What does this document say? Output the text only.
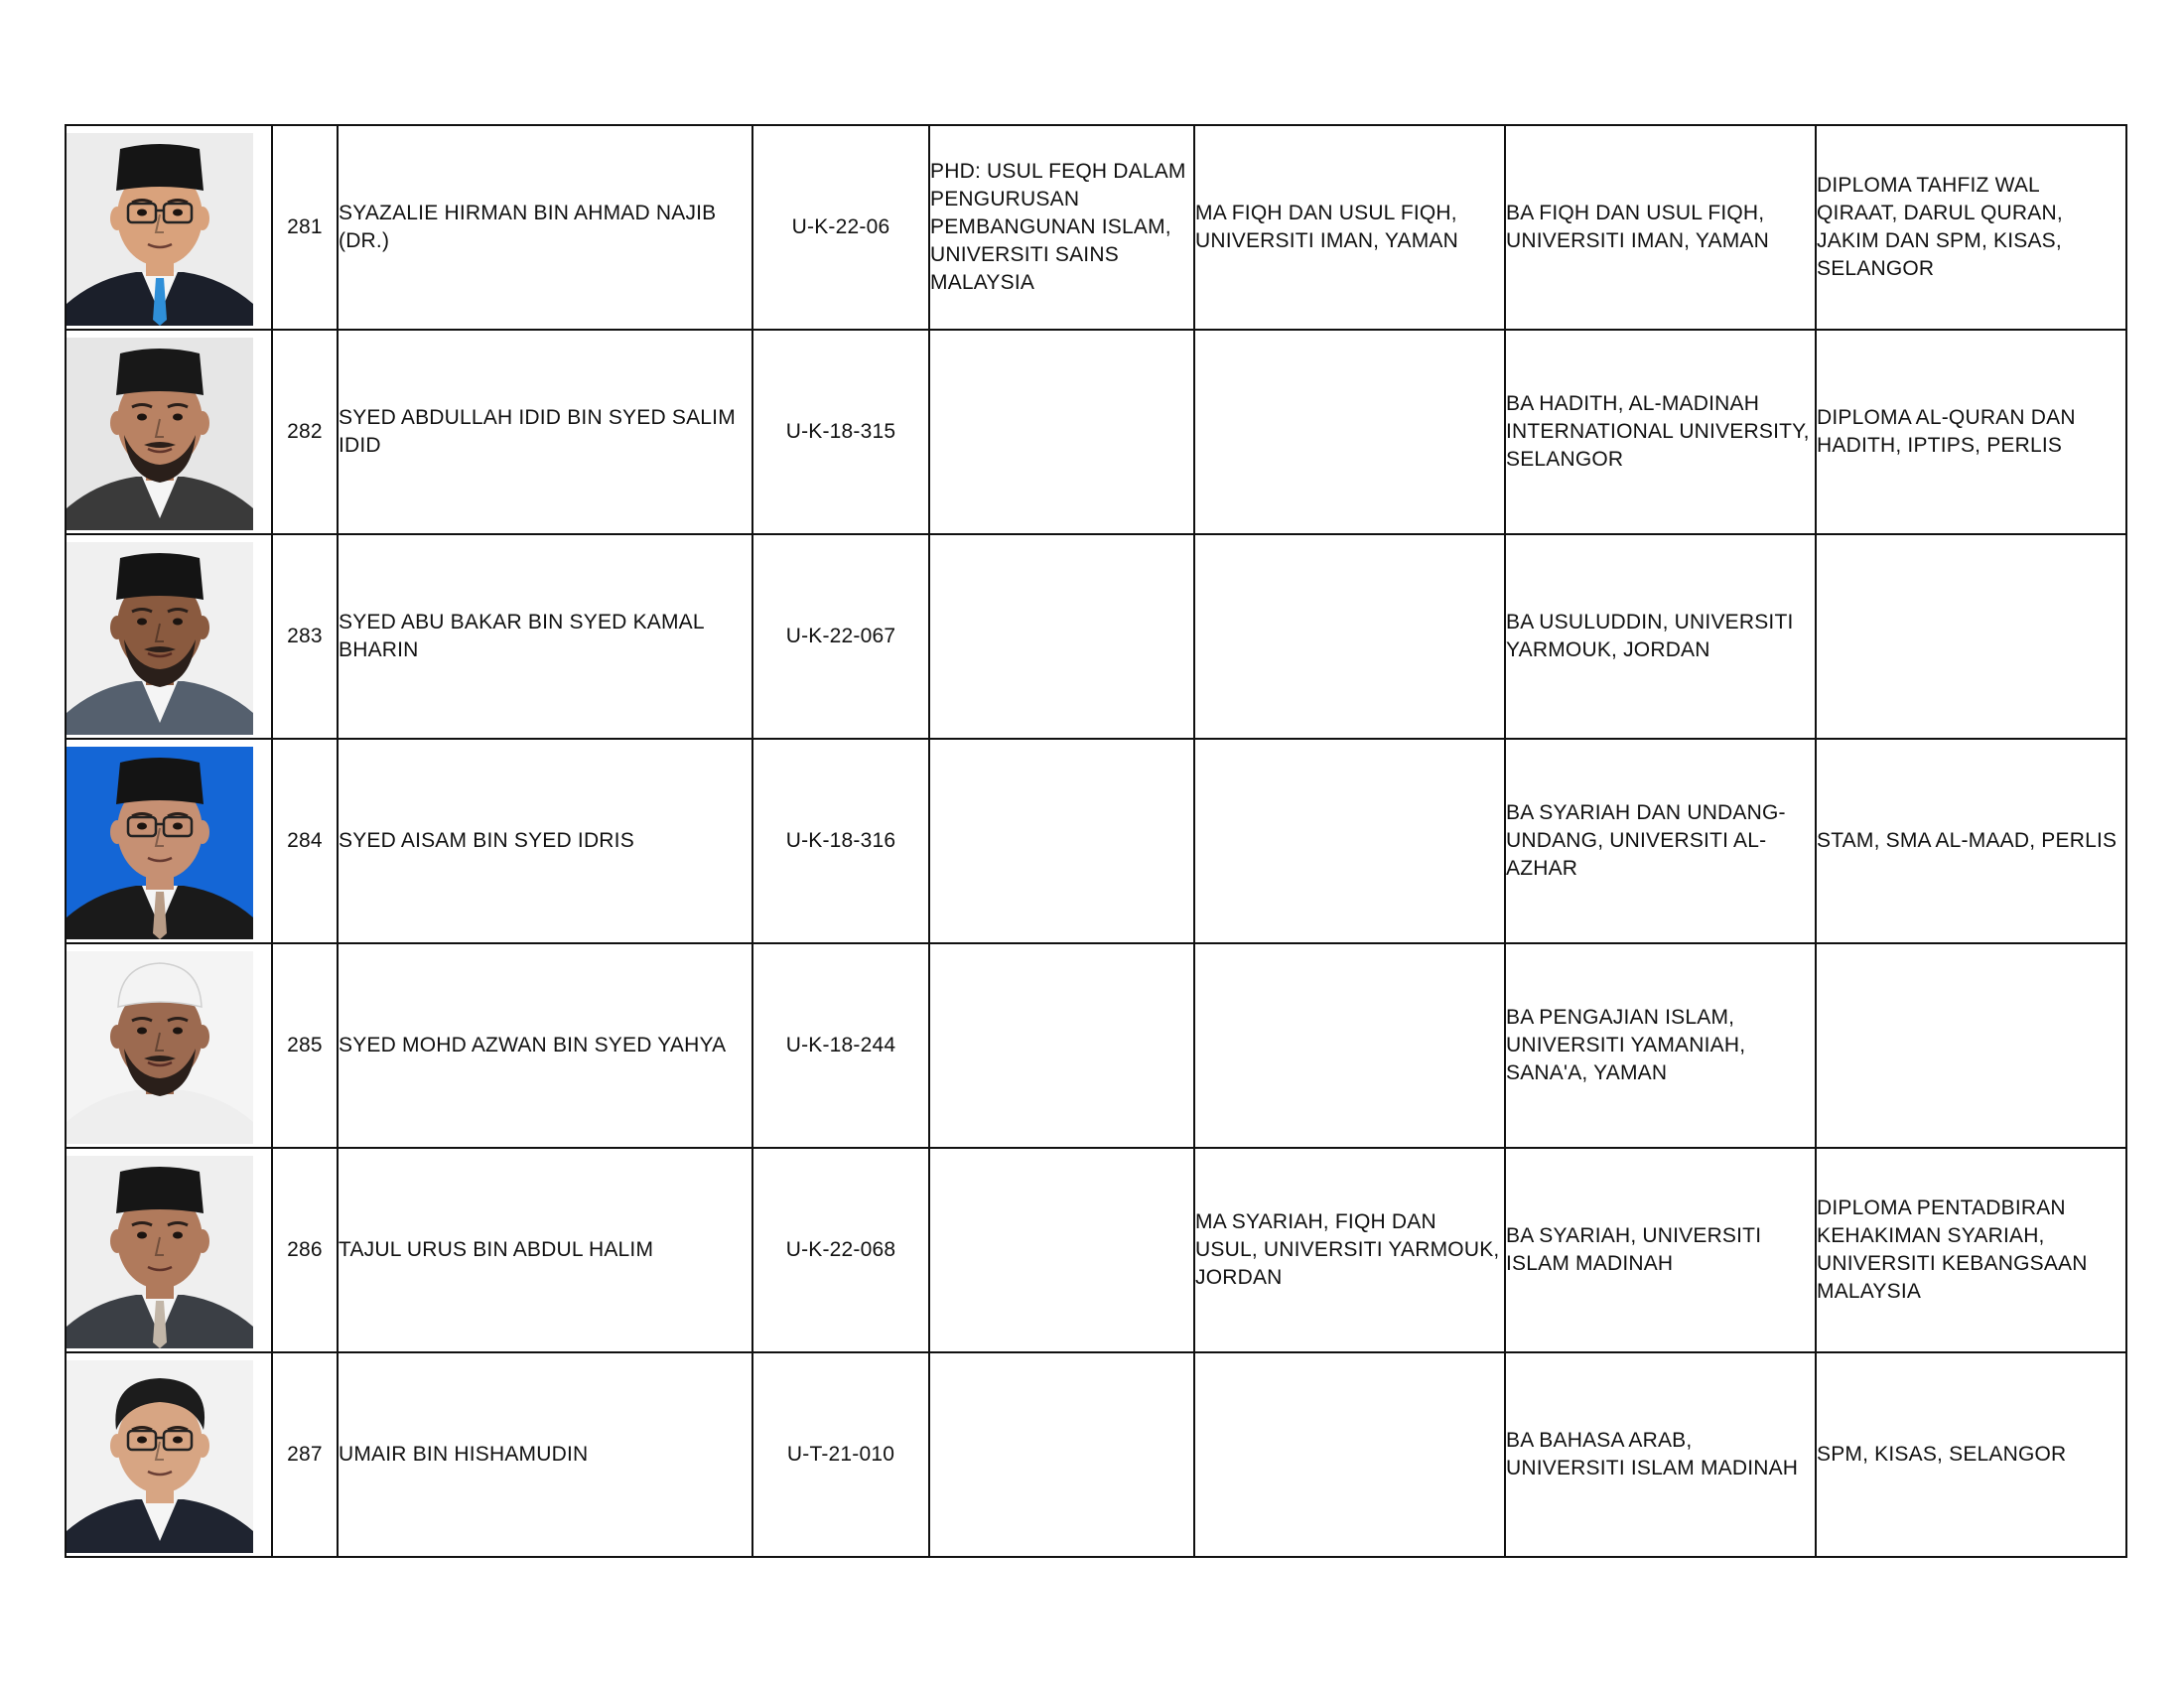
	281	SYAZALIE HIRMAN BIN AHMAD NAJIB (DR.)	U-K-22-06	PHD: USUL FEQH DALAM PENGURUSAN PEMBANGUNAN ISLAM, UNIVERSITI SAINS MALAYSIA	MA FIQH DAN USUL FIQH, UNIVERSITI IMAN, YAMAN	BA FIQH DAN USUL FIQH, UNIVERSITI IMAN, YAMAN	DIPLOMA TAHFIZ WAL QIRAAT, DARUL QURAN, JAKIM DAN SPM, KISAS, SELANGOR

	282	SYED ABDULLAH IDID BIN SYED SALIM IDID	U-K-18-315			BA HADITH, AL-MADINAH INTERNATIONAL UNIVERSITY, SELANGOR	DIPLOMA AL-QURAN DAN HADITH, IPTIPS, PERLIS

	283	SYED ABU BAKAR BIN SYED KAMAL BHARIN	U-K-22-067			BA USULUDDIN, UNIVERSITI YARMOUK, JORDAN	

	284	SYED AISAM BIN SYED IDRIS	U-K-18-316			BA SYARIAH DAN UNDANG-UNDANG, UNIVERSITI AL-AZHAR	STAM, SMA AL-MAAD, PERLIS

	285	SYED MOHD AZWAN BIN SYED YAHYA	U-K-18-244			BA PENGAJIAN ISLAM, UNIVERSITI YAMANIAH, SANA'A, YAMAN	

	286	TAJUL URUS BIN ABDUL HALIM	U-K-22-068		MA SYARIAH, FIQH DAN USUL, UNIVERSITI YARMOUK, JORDAN	BA SYARIAH, UNIVERSITI ISLAM MADINAH	DIPLOMA PENTADBIRAN KEHAKIMAN SYARIAH, UNIVERSITI KEBANGSAAN MALAYSIA

	287	UMAIR BIN HISHAMUDIN	U-T-21-010			BA BAHASA ARAB, UNIVERSITI ISLAM MADINAH	SPM, KISAS, SELANGOR
